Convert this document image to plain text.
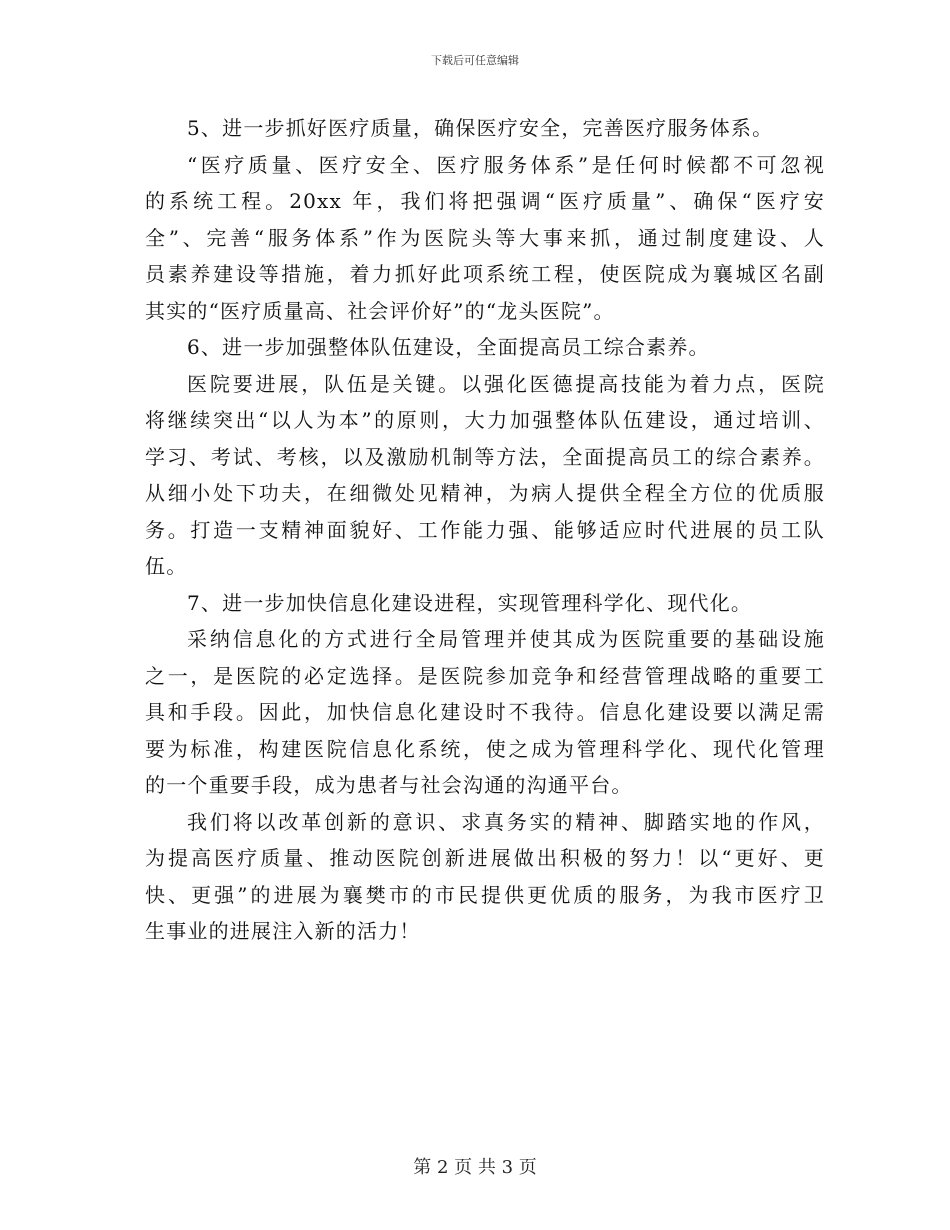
下载后可任意编辑
5、进一步抓好医疗质量，确保医疗安全，完善医疗服务体系。
“医疗质量、医疗安全、医疗服务体系”是任何时候都不可忽视
的系统工程。20xx 年，我们将把强调“医疗质量”、确保“医疗安
全”、完善“服务体系”作为医院头等大事来抓，通过制度建设、人
员素养建设等措施，着力抓好此项系统工程，使医院成为襄城区名副
其实的“医疗质量高、社会评价好”的“龙头医院”。
6、进一步加强整体队伍建设，全面提高员工综合素养。
医院要进展，队伍是关键。以强化医德提高技能为着力点，医院
将继续突出“以人为本”的原则，大力加强整体队伍建设，通过培训、
学习、考试、考核，以及激励机制等方法，全面提高员工的综合素养。
从细小处下功夫，在细微处见精神，为病人提供全程全方位的优质服
务。打造一支精神面貌好、工作能力强、能够适应时代进展的员工队
伍。
7、进一步加快信息化建设进程，实现管理科学化、现代化。
采纳信息化的方式进行全局管理并使其成为医院重要的基础设施
之一，是医院的必定选择。是医院参加竞争和经营管理战略的重要工
具和手段。因此，加快信息化建设时不我待。信息化建设要以满足需
要为标准，构建医院信息化系统，使之成为管理科学化、现代化管理
的一个重要手段，成为患者与社会沟通的沟通平台。
我们将以改革创新的意识、求真务实的精神、脚踏实地的作风，
为提高医疗质量、推动医院创新进展做出积极的努力！以“更好、更
快、更强”的进展为襄樊市的市民提供更优质的服务，为我市医疗卫
生事业的进展注入新的活力！
第 2 页 共 3 页
